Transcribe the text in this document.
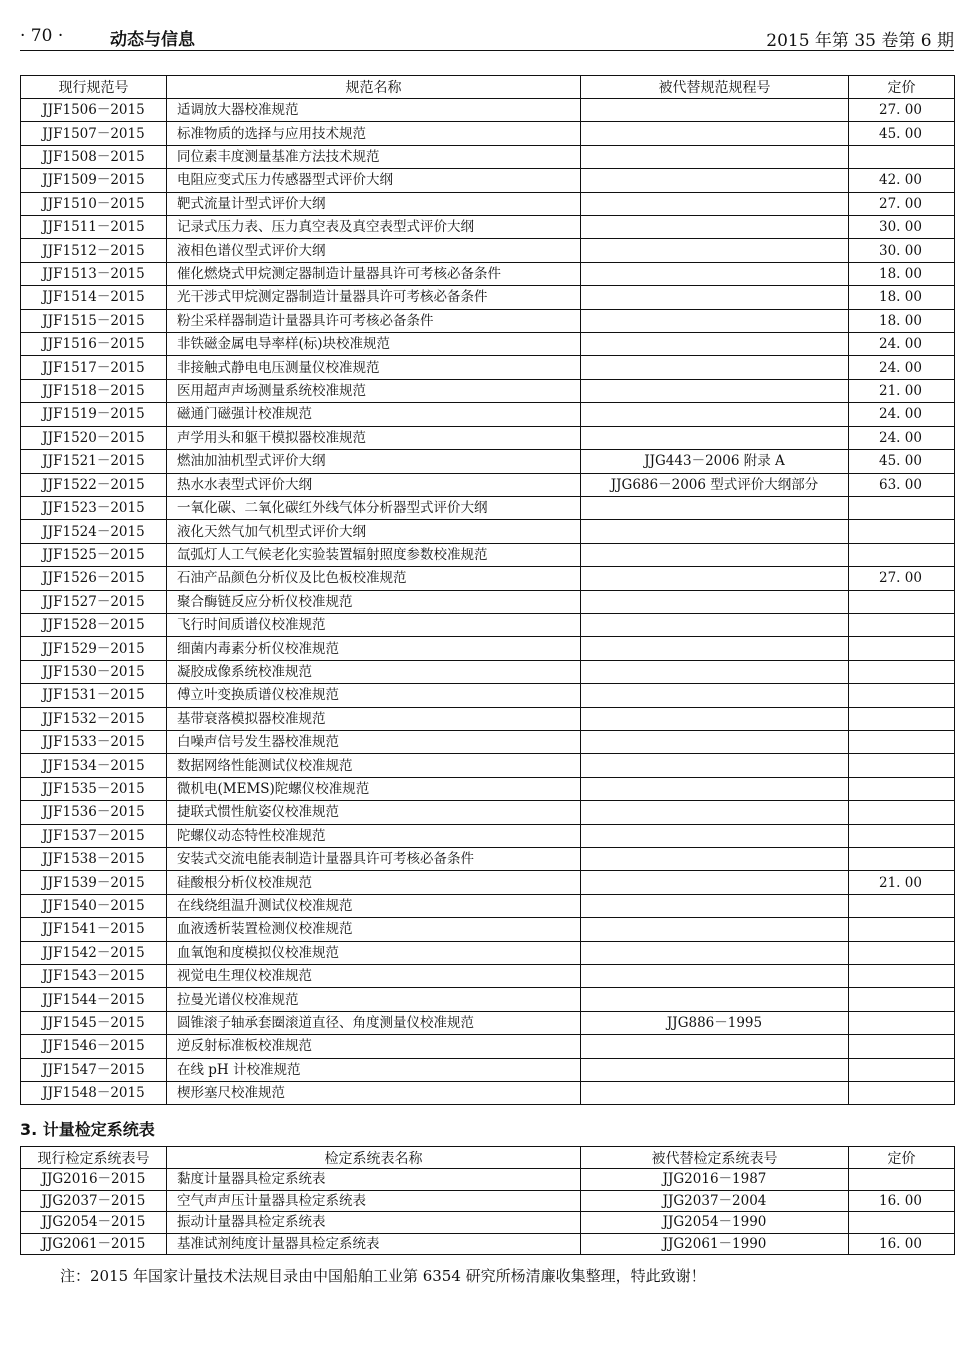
· 70 ·	动态与信息	2015 年第 35 卷第 6 期
现行规范号	规范名称	被代替规范规程号	定价
JJF1506－2015	适调放大器校准规范		27. 00
JJF1507－2015	标准物质的选择与应用技术规范		45. 00
JJF1508－2015	同位素丰度测量基准方法技术规范		
JJF1509－2015	电阻应变式压力传感器型式评价大纲		42. 00
JJF1510－2015	靶式流量计型式评价大纲		27. 00
JJF1511－2015	记录式压力表、压力真空表及真空表型式评价大纲		30. 00
JJF1512－2015	液相色谱仪型式评价大纲		30. 00
JJF1513－2015	催化燃烧式甲烷测定器制造计量器具许可考核必备条件		18. 00
JJF1514－2015	光干涉式甲烷测定器制造计量器具许可考核必备条件		18. 00
JJF1515－2015	粉尘采样器制造计量器具许可考核必备条件		18. 00
JJF1516－2015	非铁磁金属电导率样(标)块校准规范		24. 00
JJF1517－2015	非接触式静电电压测量仪校准规范		24. 00
JJF1518－2015	医用超声声场测量系统校准规范		21. 00
JJF1519－2015	磁通门磁强计校准规范		24. 00
JJF1520－2015	声学用头和躯干模拟器校准规范		24. 00
JJF1521－2015	燃油加油机型式评价大纲	JJG443－2006 附录 A	45. 00
JJF1522－2015	热水水表型式评价大纲	JJG686－2006 型式评价大纲部分	63. 00
JJF1523－2015	一氧化碳、二氧化碳红外线气体分析器型式评价大纲		
JJF1524－2015	液化天然气加气机型式评价大纲		
JJF1525－2015	氙弧灯人工气候老化实验装置辐射照度参数校准规范		
JJF1526－2015	石油产品颜色分析仪及比色板校准规范		27. 00
JJF1527－2015	聚合酶链反应分析仪校准规范		
JJF1528－2015	飞行时间质谱仪校准规范		
JJF1529－2015	细菌内毒素分析仪校准规范		
JJF1530－2015	凝胶成像系统校准规范		
JJF1531－2015	傅立叶变换质谱仪校准规范		
JJF1532－2015	基带衰落模拟器校准规范		
JJF1533－2015	白噪声信号发生器校准规范		
JJF1534－2015	数据网络性能测试仪校准规范		
JJF1535－2015	微机电(MEMS)陀螺仪校准规范		
JJF1536－2015	捷联式惯性航姿仪校准规范		
JJF1537－2015	陀螺仪动态特性校准规范		
JJF1538－2015	安装式交流电能表制造计量器具许可考核必备条件		
JJF1539－2015	硅酸根分析仪校准规范		21. 00
JJF1540－2015	在线绕组温升测试仪校准规范		
JJF1541－2015	血液透析装置检测仪校准规范		
JJF1542－2015	血氧饱和度模拟仪校准规范		
JJF1543－2015	视觉电生理仪校准规范		
JJF1544－2015	拉曼光谱仪校准规范		
JJF1545－2015	圆锥滚子轴承套圈滚道直径、角度测量仪校准规范	JJG886－1995	
JJF1546－2015	逆反射标准板校准规范		
JJF1547－2015	在线 pH 计校准规范		
JJF1548－2015	楔形塞尺校准规范		
3. 计量检定系统表
现行检定系统表号	检定系统表名称	被代替检定系统表号	定价
JJG2016－2015	黏度计量器具检定系统表	JJG2016－1987	
JJG2037－2015	空气声声压计量器具检定系统表	JJG2037－2004	16. 00
JJG2054－2015	振动计量器具检定系统表	JJG2054－1990	
JJG2061－2015	基准试剂纯度计量器具检定系统表	JJG2061－1990	16. 00
注：2015 年国家计量技术法规目录由中国船舶工业第 6354 研究所杨清廉收集整理，特此致谢！
